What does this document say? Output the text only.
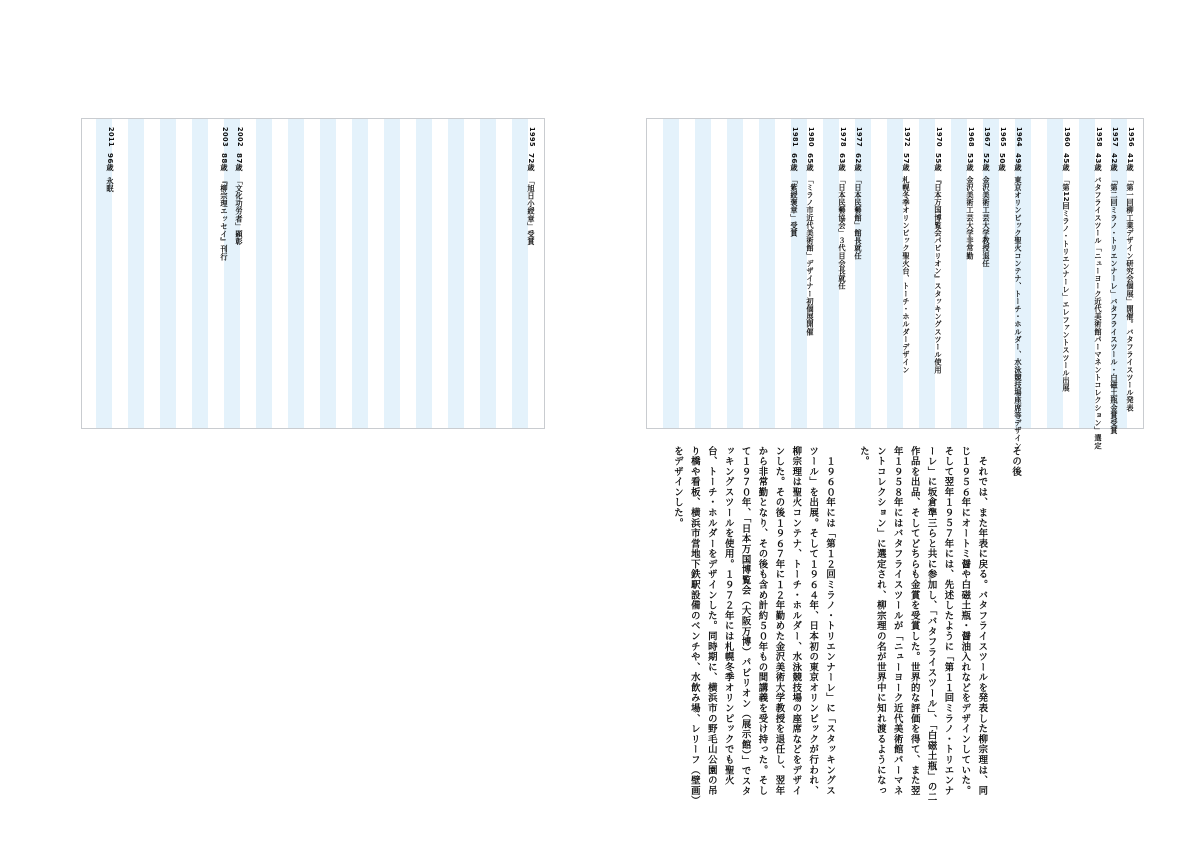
1995
72歳
「旭日小綬章」受賞
2002
87歳
「文化功労者」顕彰
2003
88歳
『柳宗理エッセイ』刊行
2011
96歳
永眠

1956
41歳
「第一回柳工業デザイン研究会個展」開催。バタフライスツール発表
1957
42歳
「第二回ミラノ・トリエンナーレ」バタフライスツール・白磁土瓶金賞受賞
1958
43歳
バタフライスツール「ニューヨーク近代美術館パーマネントコレクション」選定
1960
45歳
「第12回ミラノ・トリエンナーレ」エレファントスツール出展
1964
49歳
東京オリンピック聖火コンテナ、トーチ・ホルダー、水泳競技場座席等デザイン
1965
50歳
1967
52歳
金沢美術工芸大学教授退任
1968
53歳
金沢美術工芸大学非常勤
1970
55歳
『日本万国博覧会パビリオン』スタッキングスツール使用
1972
57歳
札幌冬季オリンピック聖火台、トーチ・ホルダーデザイン
1977
62歳
「日本民藝館」館長就任
1978
63歳
「日本民藝協会」３代目会長就任
1980
65歳
「ミラノ市近代美術館」デザイナー初個展開催
1981
66歳
「紫綬褒章」受賞

その後

　それでは、また年表に戻る。バタフライスツールを発表した柳宗理は、同じ１９５６年にオートミ醤や白磁土瓶・醤油入れなどをデザインしていた。そして翌年１９５７年には、先述したように「第１１回ミラノ・トリエンナーレ」に坂倉準三らと共に参加し、「バタフライスツール」、「白磁土瓶」の二作品を出品、そしてどちらも金賞を受賞した。世界的な評価を得て、また翌年１９５８年にはバタフライスツールが「ニューヨーク近代美術館パーマネントコレクション」に選定され、柳宗理の名が世界中に知れ渡るようになった。

　１９６０年には「第１２回ミラノ・トリエンナーレ」に「スタッキングスツール」を出展。そして１９６４年、日本初の東京オリンピックが行われ、柳宗理は聖火コンテナ、トーチ・ホルダー、水泳競技場の座席などをデザインした。その後１９６７年に１２年勤めた金沢美術大学教授を退任し、翌年から非常勤となり、その後も含め計約５０年もの間講義を受け持った。そして１９７０年、「日本万国博覧会（大阪万博）パビリオン（展示館）」でスタッキングスツールを使用。１９７２年には札幌冬季オリンピックでも聖火台、トーチ・ホルダーをデザインした。同時期に、横浜市の野毛山公園の吊り橋や看板、横浜市営地下鉄駅設備のベンチや、水飲み場、レリーフ（壁画）をデザインした。
